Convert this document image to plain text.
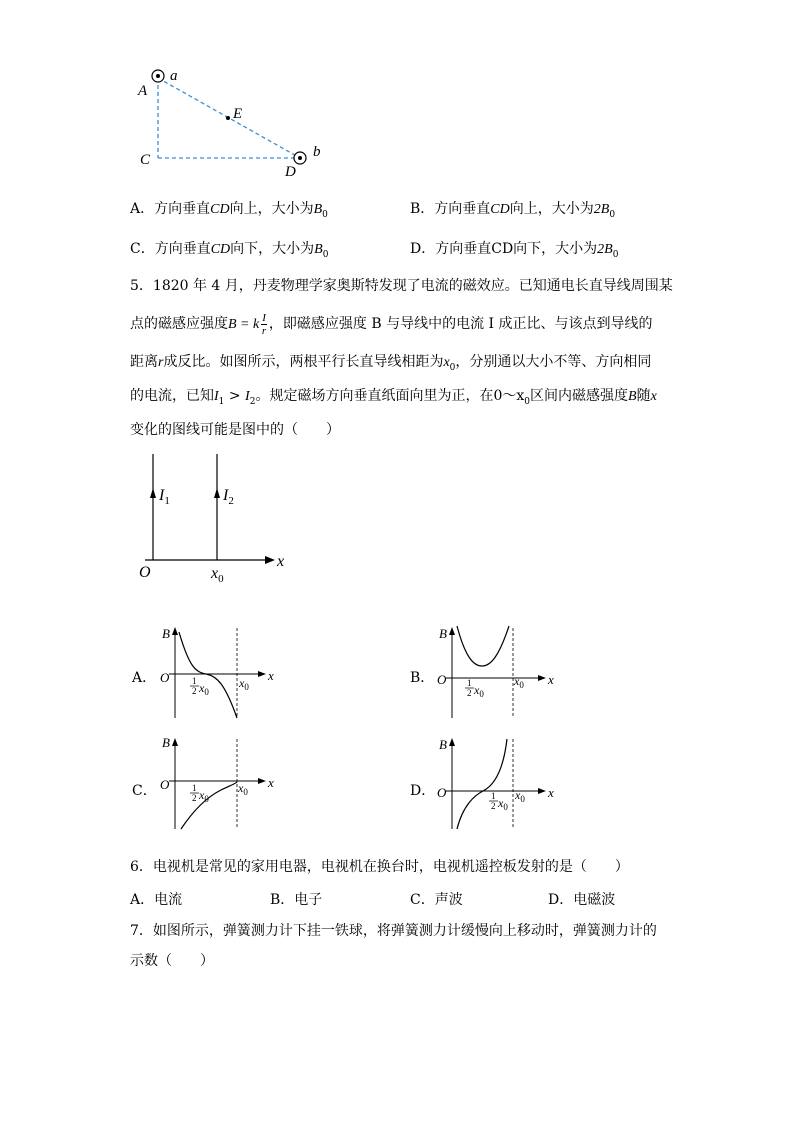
a
A
E
C
D
b
A．方向垂直CD向上，大小为$B_0$	B．方向垂直CD向上，大小为$2B_0$
C．方向垂直CD向下，大小为$B_0$	D．方向垂直CD向下，大小为$2B_0$
5．1820 年 4 月，丹麦物理学家奥斯特发现了电流的磁效应。已知通电长直导线周围某
点的磁感应强度B = k $\frac{I}{r}$ ，即磁感应强度 B 与导线中的电流 I 成正比、与该点到导线的
距离r成反比。如图所示，两根平行长直导线相距为$x_0$，分别通以大小不等、方向相同
的电流，已知$I_1 > I_2$。规定磁场方向垂直纸面向里为正，在$0\sim x_0$区间内磁感强度B随x
变化的图线可能是图中的（　　）
$I_1$	$I_2$
O	$x_0$
x
A．
B
O	1
2 $x_0$
$x_0$
x	B．
B
O 1
2 $x_0$
$x_0$ x
C．
B
O	1
2 $x_0$
$x_0$
x
D．
B
O	1
2 $x_0$
$x_0$ x
6．电视机是常见的家用电器，电视机在换台时，电视机遥控板发射的是（　　）
A．电流	B．电子	C．声波	D．电磁波
7．如图所示，弹簧测力计下挂一铁球，将弹簧测力计缓慢向上移动时，弹簧测力计的
示数（　　）
